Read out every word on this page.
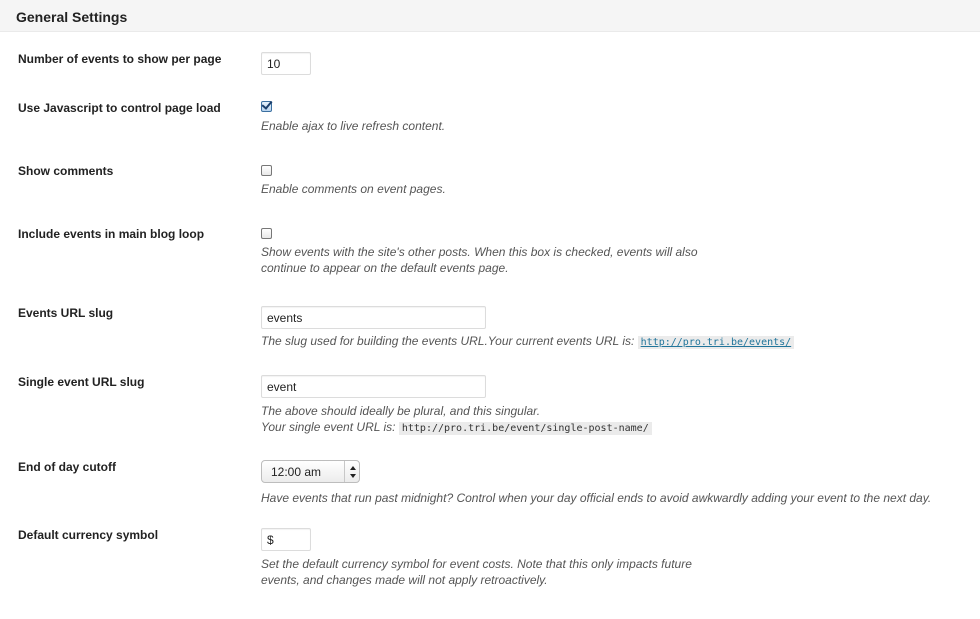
General Settings
Number of events to show per page
10
Use Javascript to control page load

Enable ajax to live refresh content.

Show comments

Enable comments on event pages.

Include events in main blog loop

Show events with the site's other posts. When this box is checked, events will also

continue to appear on the default events page.

Events URL slug
events

The slug used for building the events URL.Your current events URL is: http://pro.tri.be/events/

Single event URL slug
event

The above should ideally be plural, and this singular.

Your single event URL is: http://pro.tri.be/event/single-post-name/

End of day cutoff	12:00 am

Have events that run past midnight? Control when your day official ends to avoid awkwardly adding your event to the next day.

Default currency symbol
$

Set the default currency symbol for event costs. Note that this only impacts future

events, and changes made will not apply retroactively.
